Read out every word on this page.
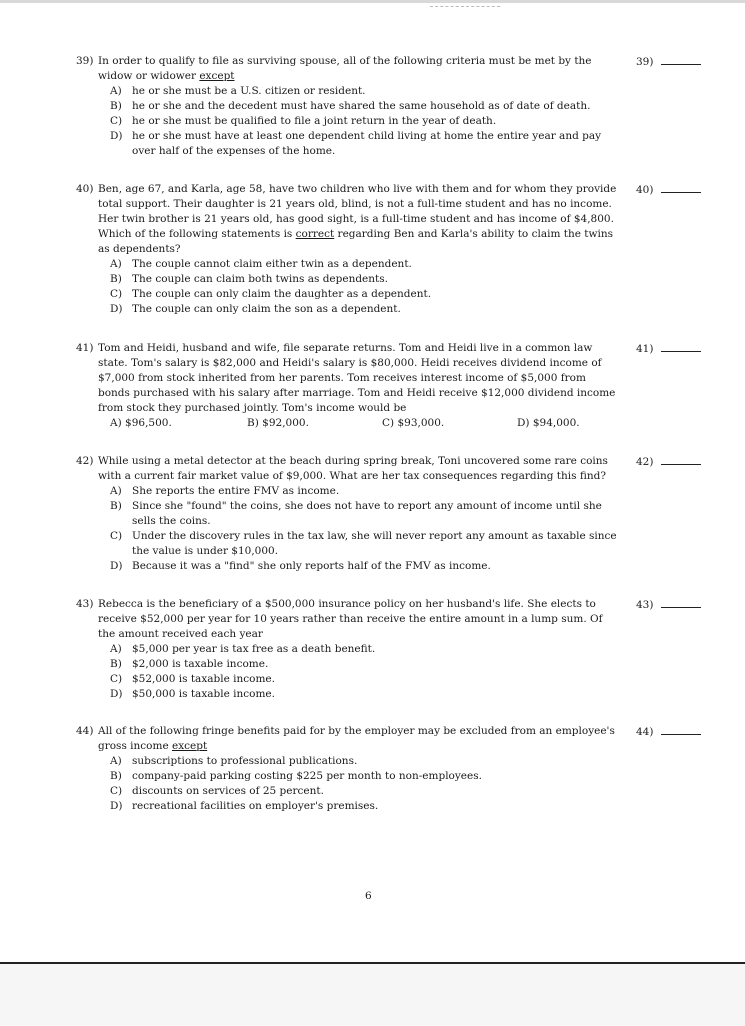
39) In order to qualify to file as surviving spouse, all of the following criteria must be met by the widow or widower except
A) he or she must be a U.S. citizen or resident.
B) he or she and the decedent must have shared the same household as of date of death.
C) he or she must be qualified to file a joint return in the year of death.
D) he or she must have at least one dependent child living at home the entire year and pay over half of the expenses of the home.
39)
40) Ben, age 67, and Karla, age 58, have two children who live with them and for whom they provide total support. Their daughter is 21 years old, blind, is not a full-time student and has no income. Her twin brother is 21 years old, has good sight, is a full-time student and has income of $4,800. Which of the following statements is correct regarding Ben and Karla's ability to claim the twins as dependents?
A) The couple cannot claim either twin as a dependent.
B) The couple can claim both twins as dependents.
C) The couple can only claim the daughter as a dependent.
D) The couple can only claim the son as a dependent.
40)
41) Tom and Heidi, husband and wife, file separate returns. Tom and Heidi live in a common law state. Tom's salary is $82,000 and Heidi's salary is $80,000. Heidi receives dividend income of $7,000 from stock inherited from her parents. Tom receives interest income of $5,000 from bonds purchased with his salary after marriage. Tom and Heidi receive $12,000 dividend income from stock they purchased jointly. Tom's income would be
A) $96,500.	B) $92,000.	C) $93,000.	D) $94,000.
41)
42) While using a metal detector at the beach during spring break, Toni uncovered some rare coins with a current fair market value of $9,000. What are her tax consequences regarding this find?
A) She reports the entire FMV as income.
B) Since she "found" the coins, she does not have to report any amount of income until she sells the coins.
C) Under the discovery rules in the tax law, she will never report any amount as taxable since the value is under $10,000.
D) Because it was a "find" she only reports half of the FMV as income.
42)
43) Rebecca is the beneficiary of a $500,000 insurance policy on her husband's life. She elects to receive $52,000 per year for 10 years rather than receive the entire amount in a lump sum. Of the amount received each year
A) $5,000 per year is tax free as a death benefit.
B) $2,000 is taxable income.
C) $52,000 is taxable income.
D) $50,000 is taxable income.
43)
44) All of the following fringe benefits paid for by the employer may be excluded from an employee's gross income except
A) subscriptions to professional publications.
B) company-paid parking costing $225 per month to non-employees.
C) discounts on services of 25 percent.
D) recreational facilities on employer's premises.
44)
6
